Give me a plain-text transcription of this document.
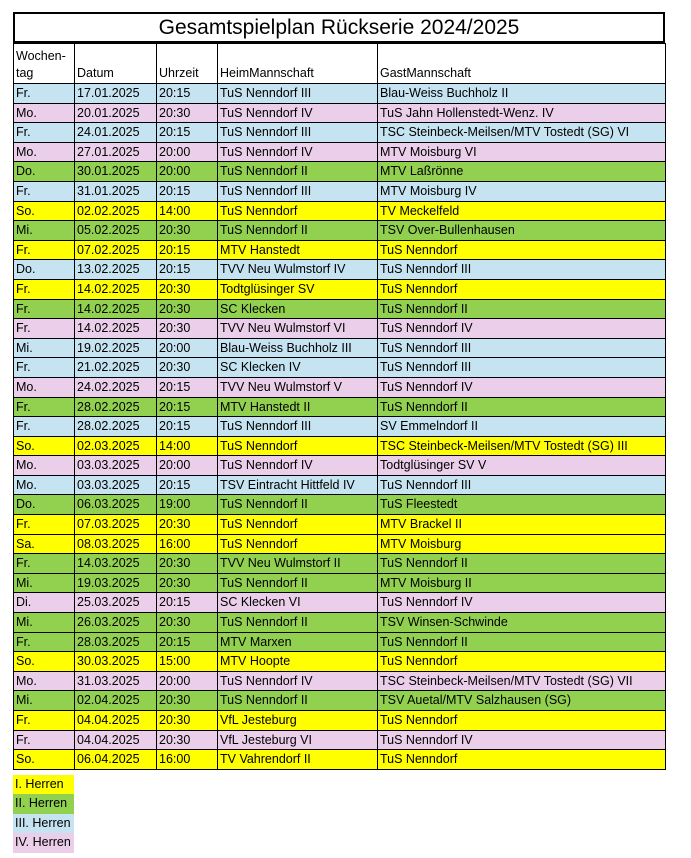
Gesamtspielplan Rückserie 2024/2025
Wochen-tag	Datum	Uhrzeit	HeimMannschaft	GastMannschaft
Fr.	17.01.2025	20:15	TuS Nenndorf III	Blau-Weiss Buchholz II
Mo.	20.01.2025	20:30	TuS Nenndorf IV	TuS Jahn Hollenstedt-Wenz. IV
Fr.	24.01.2025	20:15	TuS Nenndorf III	TSC Steinbeck-Meilsen/MTV Tostedt (SG) VI
Mo.	27.01.2025	20:00	TuS Nenndorf IV	MTV Moisburg VI
Do.	30.01.2025	20:00	TuS Nenndorf II	MTV Laßrönne
Fr.	31.01.2025	20:15	TuS Nenndorf III	MTV Moisburg IV
So.	02.02.2025	14:00	TuS Nenndorf	TV Meckelfeld
Mi.	05.02.2025	20:30	TuS Nenndorf II	TSV Over-Bullenhausen
Fr.	07.02.2025	20:15	MTV Hanstedt	TuS Nenndorf
Do.	13.02.2025	20:15	TVV Neu Wulmstorf IV	TuS Nenndorf III
Fr.	14.02.2025	20:30	Todtglüsinger SV	TuS Nenndorf
Fr.	14.02.2025	20:30	SC Klecken	TuS Nenndorf II
Fr.	14.02.2025	20:30	TVV Neu Wulmstorf VI	TuS Nenndorf IV
Mi.	19.02.2025	20:00	Blau-Weiss Buchholz III	TuS Nenndorf III
Fr.	21.02.2025	20:30	SC Klecken IV	TuS Nenndorf III
Mo.	24.02.2025	20:15	TVV Neu Wulmstorf V	TuS Nenndorf IV
Fr.	28.02.2025	20:15	MTV Hanstedt II	TuS Nenndorf II
Fr.	28.02.2025	20:15	TuS Nenndorf III	SV Emmelndorf II
So.	02.03.2025	14:00	TuS Nenndorf	TSC Steinbeck-Meilsen/MTV Tostedt (SG) III
Mo.	03.03.2025	20:00	TuS Nenndorf IV	Todtglüsinger SV V
Mo.	03.03.2025	20:15	TSV Eintracht Hittfeld IV	TuS Nenndorf III
Do.	06.03.2025	19:00	TuS Nenndorf II	TuS Fleestedt
Fr.	07.03.2025	20:30	TuS Nenndorf	MTV Brackel II
Sa.	08.03.2025	16:00	TuS Nenndorf	MTV Moisburg
Fr.	14.03.2025	20:30	TVV Neu Wulmstorf II	TuS Nenndorf II
Mi.	19.03.2025	20:30	TuS Nenndorf II	MTV Moisburg II
Di.	25.03.2025	20:15	SC Klecken VI	TuS Nenndorf IV
Mi.	26.03.2025	20:30	TuS Nenndorf II	TSV Winsen-Schwinde
Fr.	28.03.2025	20:15	MTV Marxen	TuS Nenndorf II
So.	30.03.2025	15:00	MTV Hoopte	TuS Nenndorf
Mo.	31.03.2025	20:00	TuS Nenndorf IV	TSC Steinbeck-Meilsen/MTV Tostedt (SG) VII
Mi.	02.04.2025	20:30	TuS Nenndorf II	TSV Auetal/MTV Salzhausen (SG)
Fr.	04.04.2025	20:30	VfL Jesteburg	TuS Nenndorf
Fr.	04.04.2025	20:30	VfL Jesteburg VI	TuS Nenndorf IV
So.	06.04.2025	16:00	TV Vahrendorf II	TuS Nenndorf
I. Herren
II. Herren
III. Herren
IV. Herren
